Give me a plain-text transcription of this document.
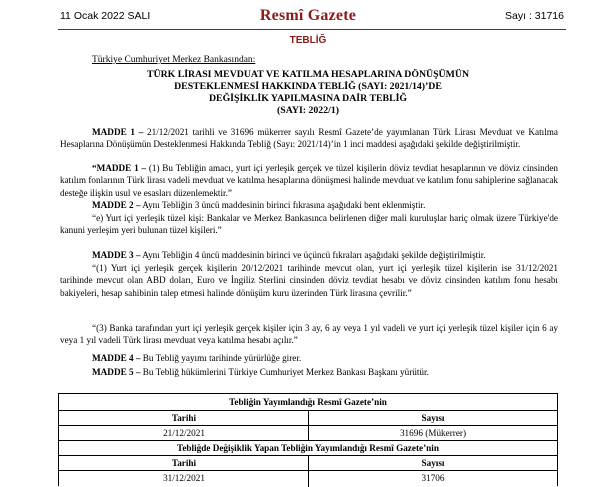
11 Ocak 2022 SALI	Resmî Gazete	Sayı : 31716
TEBLİĞ
Türkiye Cumhuriyet Merkez Bankasından:
TÜRK LİRASI MEVDUAT VE KATILMA HESAPLARINA DÖNÜŞÜMÜN
DESTEKLENMESİ HAKKINDA TEBLİĞ (SAYI: 2021/14)’DE
DEĞİŞİKLİK YAPILMASINA DAİR TEBLİĞ
(SAYI: 2022/1)
MADDE 1 – 21/12/2021 tarihli ve 31696 mükerrer sayılı Resmî Gazete’de yayımlanan Türk Lirası Mevduat ve Katılma Hesaplarına Dönüşümün Desteklenmesi Hakkında Tebliğ (Sayı: 2021/14)’in 1 inci maddesi aşağıdaki şekilde değiştirilmiştir.
“MADDE 1 – (1) Bu Tebliğin amacı, yurt içi yerleşik gerçek ve tüzel kişilerin döviz tevdiat hesaplarının ve döviz cinsinden katılım fonlarının Türk lirası vadeli mevduat ve katılma hesaplarına dönüşmesi halinde mevduat ve katılım fonu sahiplerine sağlanacak desteğe ilişkin usul ve esasları düzenlemektir.”
MADDE 2 – Aynı Tebliğin 3 üncü maddesinin birinci fıkrasına aşağıdaki bent eklenmiştir.
“e) Yurt içi yerleşik tüzel kişi: Bankalar ve Merkez Bankasınca belirlenen diğer mali kuruluşlar hariç olmak üzere Türkiye'de kanuni yerleşim yeri bulunan tüzel kişileri.”
MADDE 3 – Aynı Tebliğin 4 üncü maddesinin birinci ve üçüncü fıkraları aşağıdaki şekilde değiştirilmiştir.
“(1) Yurt içi yerleşik gerçek kişilerin 20/12/2021 tarihinde mevcut olan, yurt içi yerleşik tüzel kişilerin ise 31/12/2021 tarihinde mevcut olan ABD doları, Euro ve İngiliz Sterlini cinsinden döviz tevdiat hesabı ve döviz cinsinden katılım fonu hesabı bakiyeleri, hesap sahibinin talep etmesi halinde dönüşüm kuru üzerinden Türk lirasına çevrilir.”
“(3) Banka tarafından yurt içi yerleşik gerçek kişiler için 3 ay, 6 ay veya 1 yıl vadeli ve yurt içi yerleşik tüzel kişiler için 6 ay veya 1 yıl vadeli Türk lirası mevduat veya katılma hesabı açılır.”
MADDE 4 – Bu Tebliğ yayımı tarihinde yürürlüğe girer.
MADDE 5 – Bu Tebliğ hükümlerini Türkiye Cumhuriyet Merkez Bankası Başkanı yürütür.
Tebliğin Yayımlandığı Resmî Gazete’nin
Tarihi	Sayısı
21/12/2021	31696 (Mükerrer)
Tebliğde Değişiklik Yapan Tebliğin Yayımlandığı Resmî Gazete’nin
Tarihi	Sayısı
31/12/2021	31706
